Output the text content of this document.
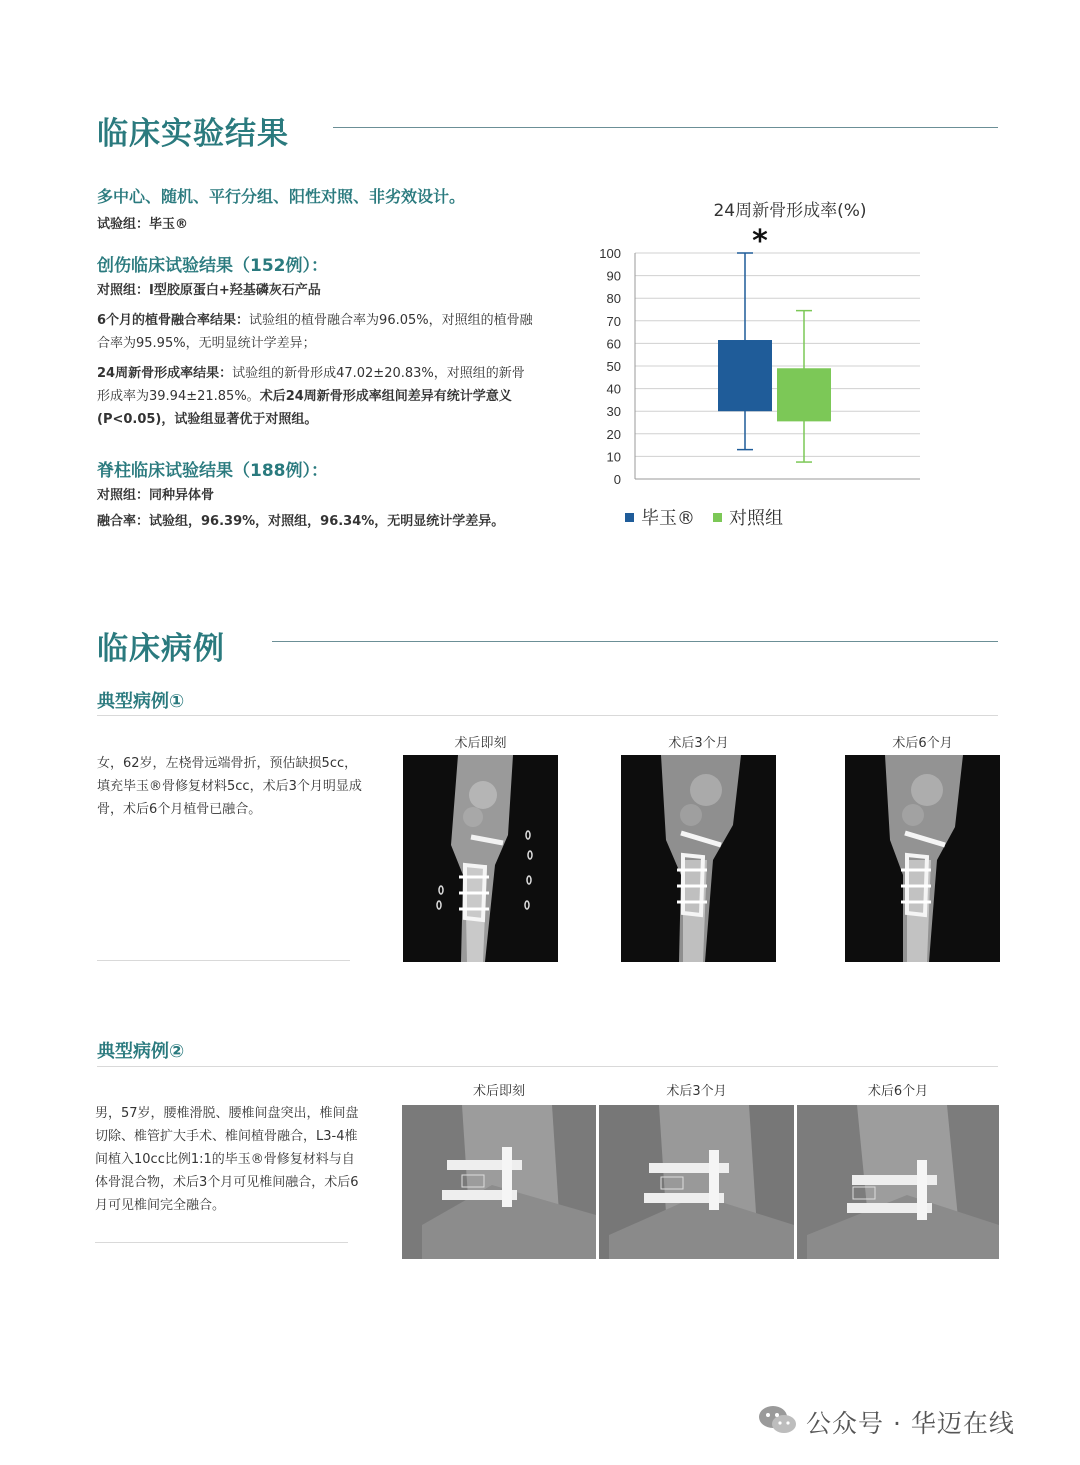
临床实验结果
多中心、随机、平行分组、阳性对照、非劣效设计。
试验组：毕玉®
创伤临床试验结果（152例）：
对照组：I型胶原蛋白+羟基磷灰石产品
6个月的植骨融合率结果：试验组的植骨融合率为96.05%，对照组的植骨融合率为95.95%，无明显统计学差异；
24周新骨形成率结果：试验组的新骨形成47.02±20.83%，对照组的新骨形成率为39.94±21.85%。术后24周新骨形成率组间差异有统计学意义(P<0.05)，试验组显著优于对照组。
脊柱临床试验结果（188例）：
对照组：同种异体骨
融合率：试验组，96.39%，对照组，96.34%，无明显统计学差异。
24周新骨形成率(%)
100
90
80
70
60
50
40
30
20
10
0
*
毕玉® 对照组
临床病例
典型病例①
女，62岁，左桡骨远端骨折，预估缺损5cc，填充毕玉®骨修复材料5cc，术后3个月明显成骨，术后6个月植骨已融合。
术后即刻	术后3个月	术后6个月
典型病例②
男，57岁，腰椎滑脱、腰椎间盘突出，椎间盘切除、椎管扩大手术、椎间植骨融合，L3-4椎间植入10cc比例1:1的毕玉®骨修复材料与自体骨混合物，术后3个月可见椎间融合，术后6月可见椎间完全融合。
术后即刻	术后3个月	术后6个月
公众号 · 华迈在线
